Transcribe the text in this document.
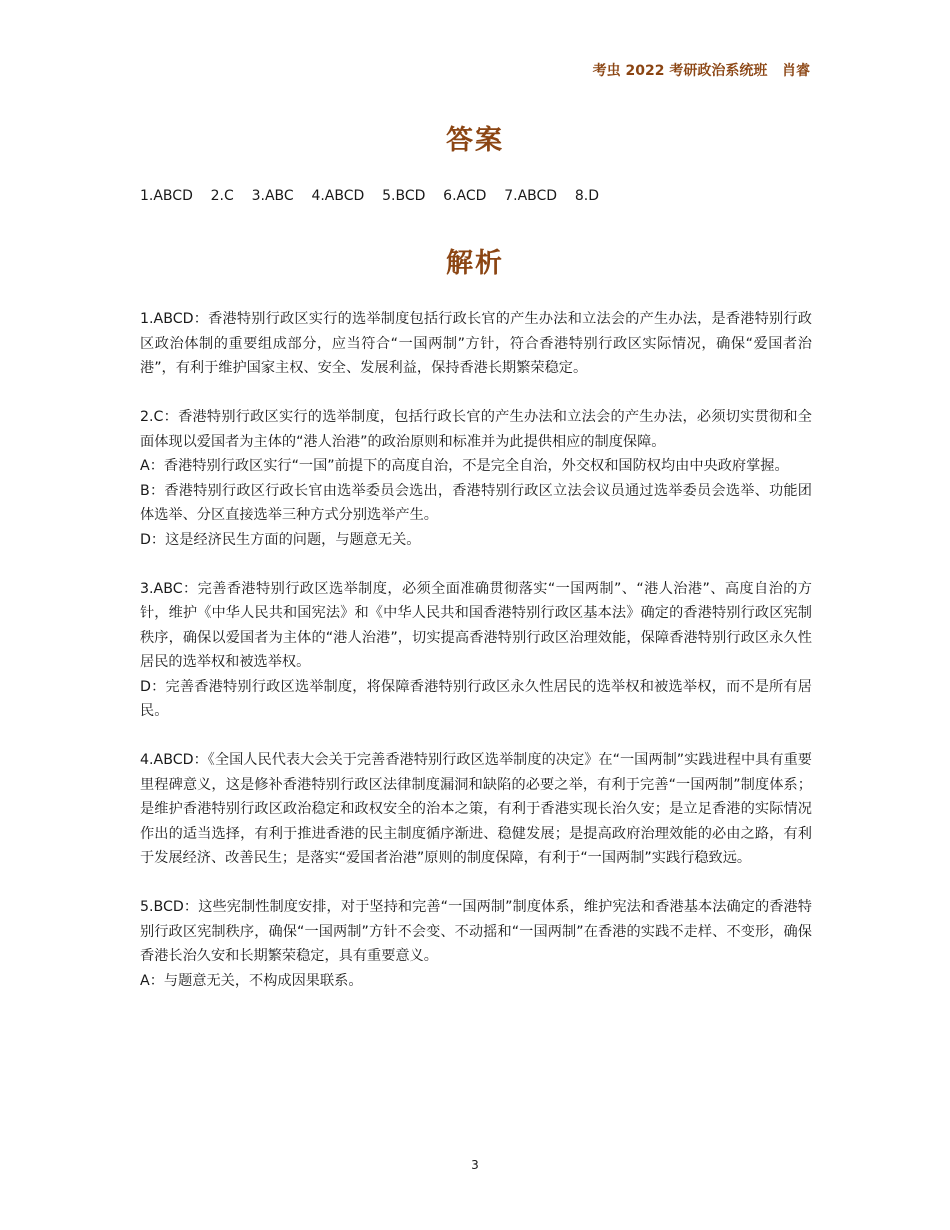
考虫 2022 考研政治系统班   肖睿
答案
1.ABCD    2.C    3.ABC    4.ABCD    5.BCD    6.ACD    7.ABCD    8.D
解析

1.ABCD：香港特别行政区实行的选举制度包括行政长官的产生办法和立法会的产生办法，是香港特别行政区政治体制的重要组成部分，应当符合“一国两制”方针，符合香港特别行政区实际情况，确保“爱国者治港”，有利于维护国家主权、安全、发展利益，保持香港长期繁荣稳定。

2.C：香港特别行政区实行的选举制度，包括行政长官的产生办法和立法会的产生办法，必须切实贯彻和全面体现以爱国者为主体的“港人治港”的政治原则和标准并为此提供相应的制度保障。

A：香港特别行政区实行“一国”前提下的高度自治，不是完全自治，外交权和国防权均由中央政府掌握。

B：香港特别行政区行政长官由选举委员会选出，香港特别行政区立法会议员通过选举委员会选举、功能团体选举、分区直接选举三种方式分别选举产生。

D：这是经济民生方面的问题，与题意无关。

3.ABC：完善香港特别行政区选举制度，必须全面准确贯彻落实“一国两制”、“港人治港”、高度自治的方针，维护《中华人民共和国宪法》和《中华人民共和国香港特别行政区基本法》确定的香港特别行政区宪制秩序，确保以爱国者为主体的“港人治港”，切实提高香港特别行政区治理效能，保障香港特别行政区永久性居民的选举权和被选举权。

D：完善香港特别行政区选举制度，将保障香港特别行政区永久性居民的选举权和被选举权，而不是所有居民。

4.ABCD：《全国人民代表大会关于完善香港特别行政区选举制度的决定》在“一国两制”实践进程中具有重要里程碑意义，这是修补香港特别行政区法律制度漏洞和缺陷的必要之举，有利于完善“一国两制”制度体系；是维护香港特别行政区政治稳定和政权安全的治本之策，有利于香港实现长治久安；是立足香港的实际情况作出的适当选择，有利于推进香港的民主制度循序渐进、稳健发展；是提高政府治理效能的必由之路，有利于发展经济、改善民生；是落实“爱国者治港”原则的制度保障，有利于“一国两制”实践行稳致远。

5.BCD：这些宪制性制度安排，对于坚持和完善“一国两制”制度体系，维护宪法和香港基本法确定的香港特别行政区宪制秩序，确保“一国两制”方针不会变、不动摇和“一国两制”在香港的实践不走样、不变形，确保香港长治久安和长期繁荣稳定，具有重要意义。

A：与题意无关，不构成因果联系。

3
